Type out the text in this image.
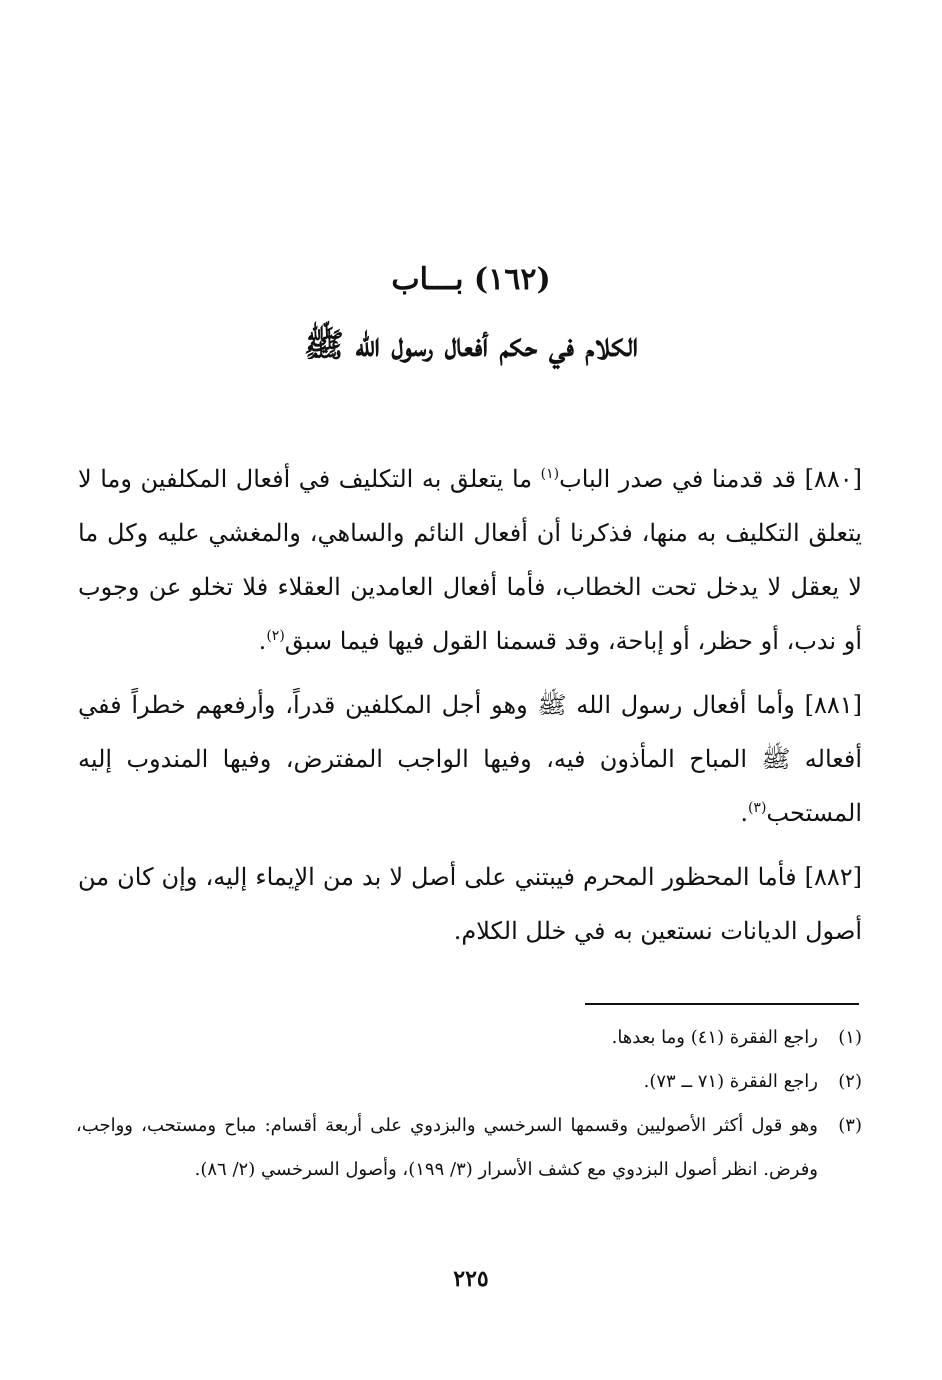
(١٦٢) بـــاب
الكلام في حكم أفعال رسول الله ﷺ

[٨٨٠] قد قدمنا في صدر الباب$^{(١)}$ ما يتعلق به التكليف في أفعال المكلفين وما لا يتعلق التكليف به منها، فذكرنا أن أفعال النائم والساهي، والمغشي عليه وكل ما لا يعقل لا يدخل تحت الخطاب، فأما أفعال العامدين العقلاء فلا تخلو عن وجوب أو ندب، أو حظر، أو إباحة، وقد قسمنا القول فيها فيما سبق$^{(٢)}$.

[٨٨١] وأما أفعال رسول الله ﷺ وهو أجل المكلفين قدراً، وأرفعهم خطراً ففي أفعاله ﷺ المباح المأذون فيه، وفيها الواجب المفترض، وفيها المندوب إليه المستحب$^{(٣)}$.

[٨٨٢] فأما المحظور المحرم فيبتني على أصل لا بد من الإيماء إليه، وإن كان من أصول الديانات نستعين به في خلل الكلام.

(١)
راجع الفقرة (٤١) وما بعدها.
(٢)
راجع الفقرة (٧١ ــ ٧٣).
(٣)
وهو قول أكثر الأصوليين وقسمها السرخسي والبزدوي على أربعة أقسام: مباح ومستحب، وواجب، وفرض. انظر أصول البزدوي مع كشف الأسرار (٣/ ١٩٩)، وأصول السرخسي (٢/ ٨٦).
٢٢٥
